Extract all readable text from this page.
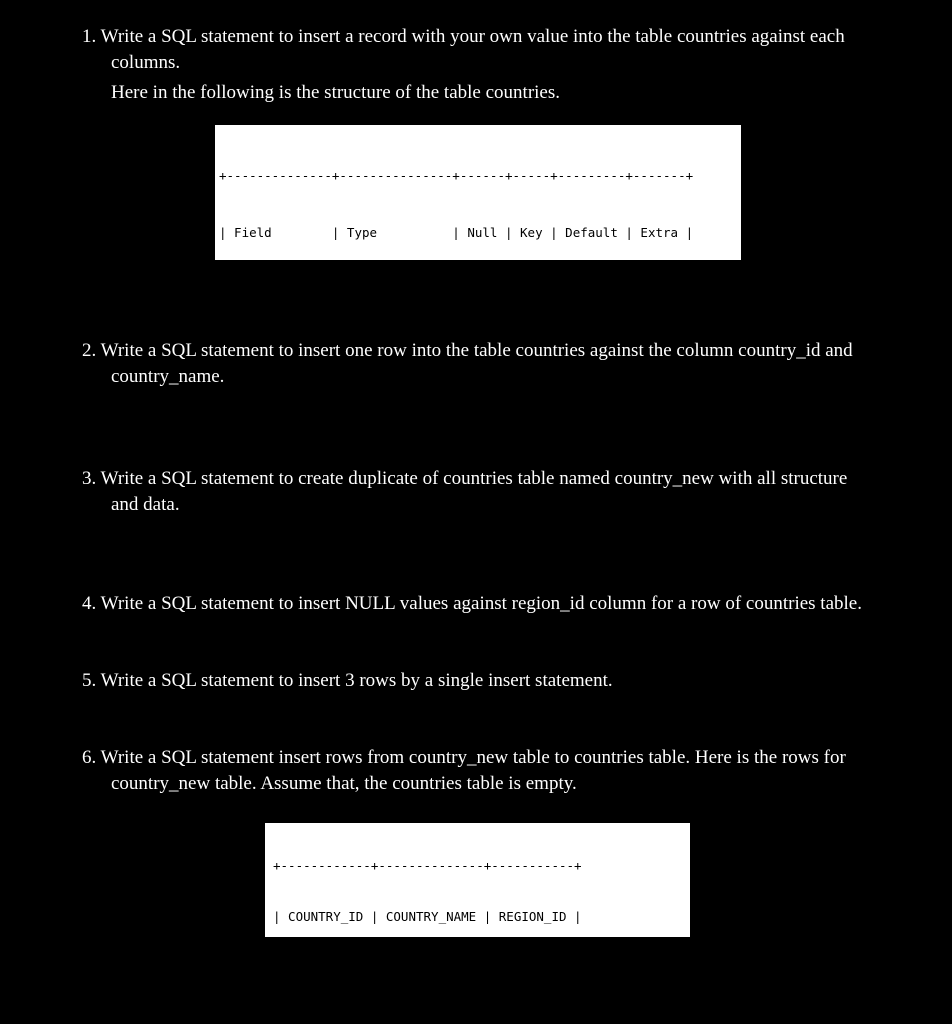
1. Write a SQL statement to insert a record with your own value into the table countries against each
columns.
Here in the following is the structure of the table countries.

+--------------+---------------+------+-----+---------+-------+

| Field        | Type          | Null | Key | Default | Extra |

2. Write a SQL statement to insert one row into the table countries against the column country_id and
country_name.
3. Write a SQL statement to create duplicate of countries table named country_new with all structure
and data.
4. Write a SQL statement to insert NULL values against region_id column for a row of countries table.
5. Write a SQL statement to insert 3 rows by a single insert statement.
6. Write a SQL statement insert rows from country_new table to countries table. Here is the rows for
country_new table. Assume that, the countries table is empty.

+------------+--------------+-----------+

| COUNTRY_ID | COUNTRY_NAME | REGION_ID |
